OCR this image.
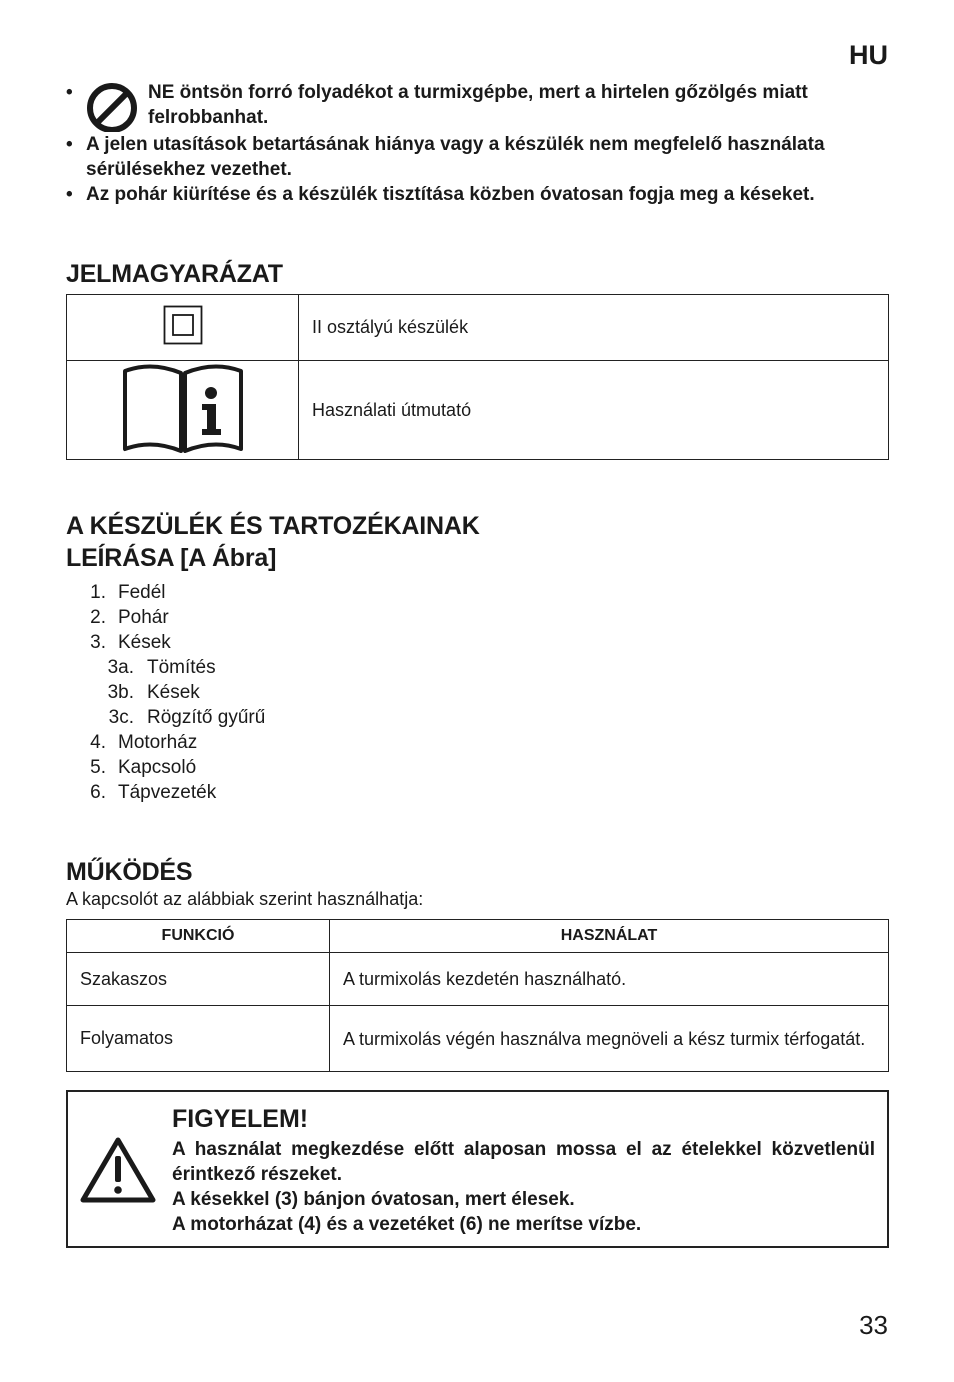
HU
•	NE öntsön forró folyadékot a turmixgépbe, mert a hirtelen gőzölgés miatt felrobbanhat.
• A jelen utasítások betartásának hiánya vagy a készülék nem megfelelő használata sérülésekhez vezethet.
• Az pohár kiürítése és a készülék tisztítása közben óvatosan fogja meg a késeket.
JELMAGYARÁZAT
	II osztályú készülék
	Használati útmutató
A KÉSZÜLÉK ÉS TARTOZÉKAINAK
LEÍRÁSA [A Ábra]
1. Fedél
2. Pohár
3. Kések
3a. Tömítés
3b. Kések
3c. Rögzítő gyűrű
4. Motorház
5. Kapcsoló
6. Tápvezeték
MŰKÖDÉS
A kapcsolót az alábbiak szerint használhatja:
FUNKCIÓ	HASZNÁLAT
Szakaszos	A turmixolás kezdetén használható.
Folyamatos	A turmixolás végén használva megnöveli a kész turmix térfogatát.
FIGYELEM!
A használat megkezdése előtt alaposan mossa el az ételekkel közvetlenül érintkező részeket.
A késekkel (3) bánjon óvatosan, mert élesek.
A motorházat (4) és a vezetéket (6) ne merítse vízbe.
33
